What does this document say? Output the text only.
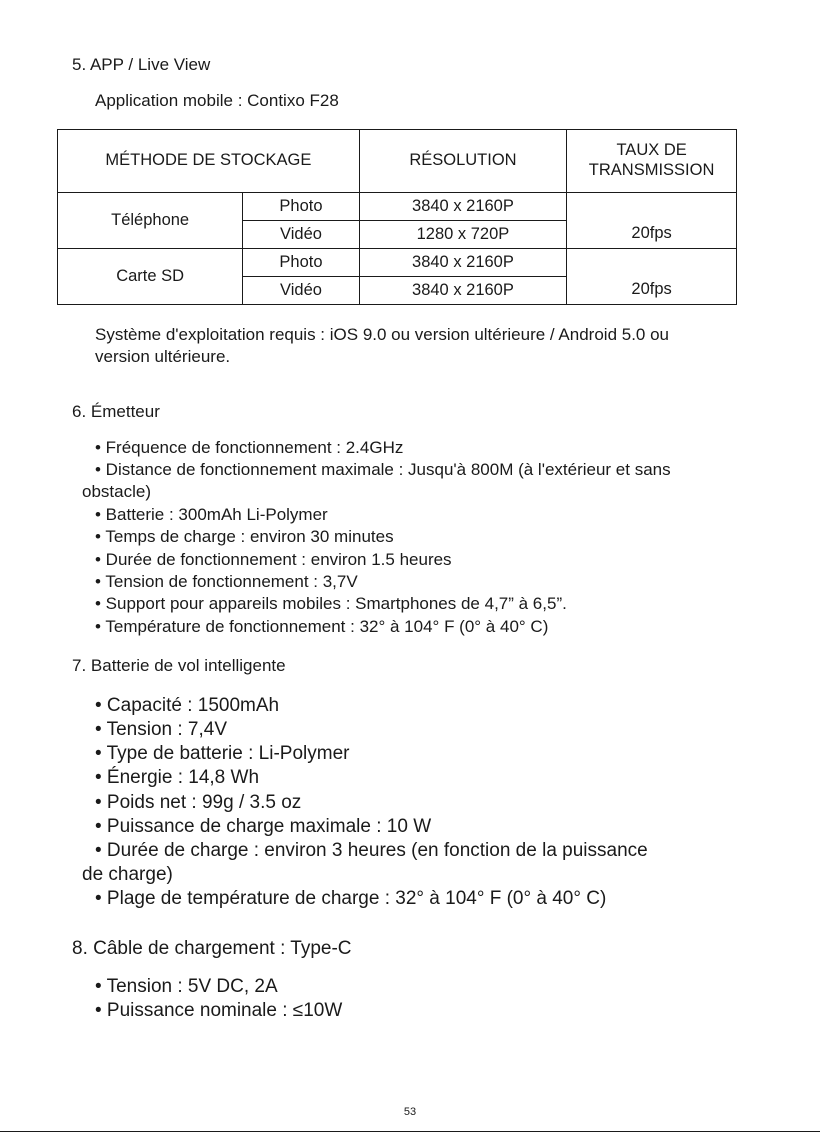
5. APP / Live View
Application mobile : Contixo F28
MÉTHODE DE STOCKAGE		RÉSOLUTION	TAUX DE TRANSMISSION
Téléphone	Photo	3840 x 2160P	
	Vidéo	1280 x 720P	20fps
Carte SD	Photo	3840 x 2160P	
	Vidéo	3840 x 2160P	20fps
Système d'exploitation requis : iOS 9.0 ou version ultérieure / Android 5.0 ou
version ultérieure.
6. Émetteur
• Fréquence de fonctionnement : 2.4GHz
• Distance de fonctionnement maximale : Jusqu'à 800M (à l'extérieur et sans
obstacle)
• Batterie : 300mAh Li-Polymer
• Temps de charge : environ 30 minutes
• Durée de fonctionnement : environ 1.5 heures
• Tension de fonctionnement : 3,7V
• Support pour appareils mobiles : Smartphones de 4,7” à 6,5”.
• Température de fonctionnement : 32° à 104° F (0° à 40° C)
7. Batterie de vol intelligente
• Capacité : 1500mAh
• Tension : 7,4V
• Type de batterie : Li-Polymer
• Énergie : 14,8 Wh
• Poids net : 99g / 3.5 oz
• Puissance de charge maximale : 10 W
• Durée de charge : environ 3 heures (en fonction de la puissance
de charge)
• Plage de température de charge : 32° à 104° F (0° à 40° C)
8. Câble de chargement : Type-C
• Tension : 5V DC, 2A
• Puissance nominale : ≤10W
53
